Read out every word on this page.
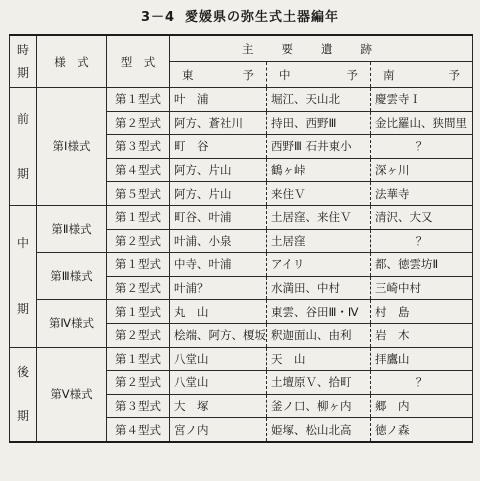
3－4 愛媛県の弥生式土器編年
時
期	様　式	型　式	主要遺跡		

			東 予	中 予	南 予

前
期	第Ⅰ様式	第１型式	叶　浦	堀江、天山北	慶雲寺Ｉ
		第２型式	阿方、蒼社川	持田、西野Ⅲ	金比羅山、狭間里
		第３型式	町　谷	西野Ⅲ 石井東小	？
		第４型式	阿方、片山	鶴ヶ峠	深ヶ川
		第５型式	阿方、片山	来住Ｖ	法華寺

中
期	第Ⅱ様式	第１型式	町谷、叶浦	土居窪、来住Ｖ	清沢、大又
		第２型式	叶浦、小泉	土居窪	？
	第Ⅲ様式	第１型式	中寺、叶浦	アイリ	都、徳雲坊Ⅱ
		第２型式	叶浦？	水満田、中村	三崎中村
	第Ⅳ様式	第１型式	丸　山	東雲、谷田Ⅲ・Ⅳ	村　島
		第２型式	桧端、阿方、榎坂	釈迦面山、由利	岩　木

後
期	第Ⅴ様式	第１型式	八堂山	天　山	拝鷹山
		第２型式	八堂山	土壇原Ｖ、拾町	？
		第３型式	大　塚	釜ノ口、柳ヶ内	郷　内
		第４型式	宮ノ内	姫塚、松山北高	徳ノ森
